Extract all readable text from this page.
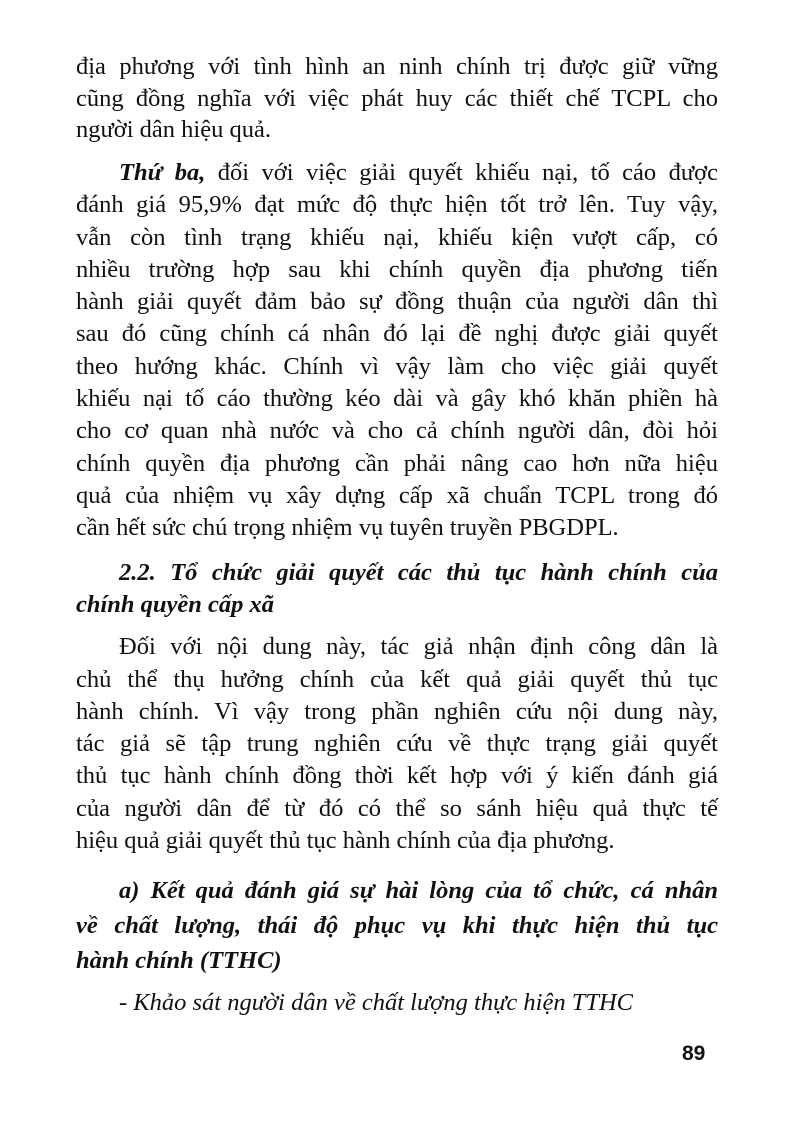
địa phương với tình hình an ninh chính trị được giữ vững
cũng đồng nghĩa với việc phát huy các thiết chế TCPL cho
người dân hiệu quả.
Thứ ba, đối với việc giải quyết khiếu nại, tố cáo được
đánh giá 95,9% đạt mức độ thực hiện tốt trở lên. Tuy vậy,
vẫn còn tình trạng khiếu nại, khiếu kiện vượt cấp, có
nhiều trường hợp sau khi chính quyền địa phương tiến
hành giải quyết đảm bảo sự đồng thuận của người dân thì
sau đó cũng chính cá nhân đó lại đề nghị được giải quyết
theo hướng khác. Chính vì vậy làm cho việc giải quyết
khiếu nại tố cáo thường kéo dài và gây khó khăn phiền hà
cho cơ quan nhà nước và cho cả chính người dân, đòi hỏi
chính quyền địa phương cần phải nâng cao hơn nữa hiệu
quả của nhiệm vụ xây dựng cấp xã chuẩn TCPL trong đó
cần hết sức chú trọng nhiệm vụ tuyên truyền PBGDPL.
2.2. Tổ chức giải quyết các thủ tục hành chính của
chính quyền cấp xã
Đối với nội dung này, tác giả nhận định công dân là
chủ thể thụ hưởng chính của kết quả giải quyết thủ tục
hành chính. Vì vậy trong phần nghiên cứu nội dung này,
tác giả sẽ tập trung nghiên cứu về thực trạng giải quyết
thủ tục hành chính đồng thời kết hợp với ý kiến đánh giá
của người dân để từ đó có thể so sánh hiệu quả thực tế
hiệu quả giải quyết thủ tục hành chính của địa phương.
a) Kết quả đánh giá sự hài lòng của tổ chức, cá nhân
về chất lượng, thái độ phục vụ khi thực hiện thủ tục
hành chính (TTHC)
- Khảo sát người dân về chất lượng thực hiện TTHC
89
